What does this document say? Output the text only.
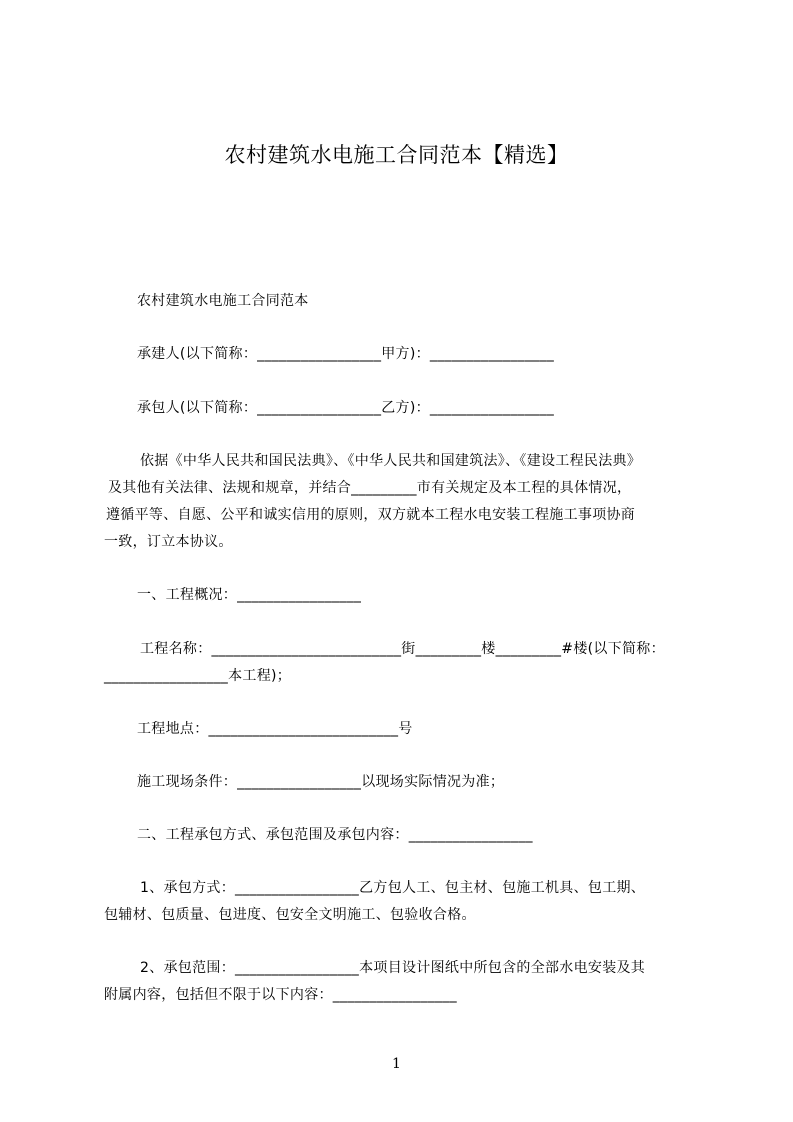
农村建筑水电施工合同范本【精选】
农村建筑水电施工合同范本
承建人(以下简称：_________________甲方)：_________________
承包人(以下简称：_________________乙方)：_________________
依据《中华人民共和国民法典》、《中华人民共和国建筑法》、《建设工程民法典》
及其他有关法律、法规和规章，并结合_________市有关规定及本工程的具体情况，
遵循平等、自愿、公平和诚实信用的原则，双方就本工程水电安装工程施工事项协商
一致，订立本协议。
一、工程概况：_________________
工程名称：__________________________街_________楼_________#楼(以下简称：
_________________本工程)；
工程地点：__________________________号
施工现场条件：_________________以现场实际情况为准；
二、工程承包方式、承包范围及承包内容：_________________
1、承包方式：_________________乙方包人工、包主材、包施工机具、包工期、
包辅材、包质量、包进度、包安全文明施工、包验收合格。
2、承包范围：_________________本项目设计图纸中所包含的全部水电安装及其
附属内容，包括但不限于以下内容：_________________
1
